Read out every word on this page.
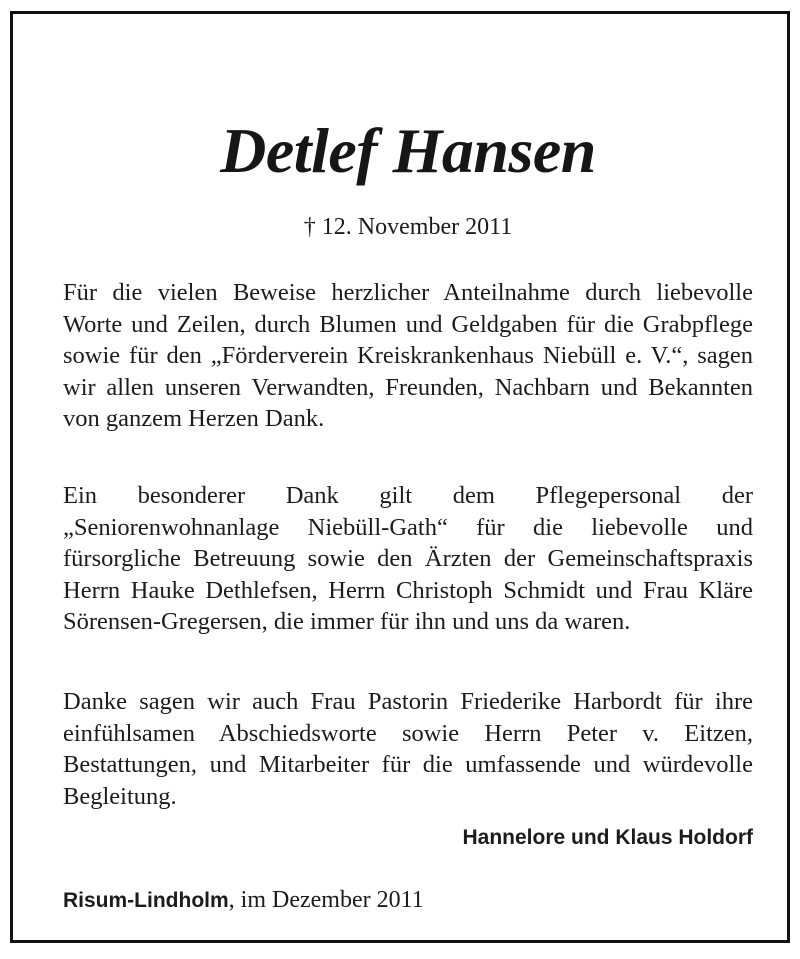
Detlef Hansen
† 12. November 2011

Für die vielen Beweise herzlicher Anteilnahme durch liebevolle Worte und Zeilen, durch Blumen und Geldgaben für die Grabpflege sowie für den „Förderverein Kreiskrankenhaus Niebüll e. V.“, sagen wir allen unseren Verwandten, Freunden, Nachbarn und Bekannten von ganzem Herzen Dank.

Ein besonderer Dank gilt dem Pflegepersonal der „Seniorenwohnanlage Niebüll-Gath“ für die liebevolle und fürsorgliche Betreuung sowie den Ärzten der Gemeinschaftspraxis Herrn Hauke Dethlefsen, Herrn Christoph Schmidt und Frau Kläre Sörensen-Gregersen, die immer für ihn und uns da waren.

Danke sagen wir auch Frau Pastorin Friederike Harbordt für ihre einfühlsamen Abschiedsworte sowie Herrn Peter v. Eitzen, Bestattungen, und Mitarbeiter für die umfassende und würdevolle Begleitung.

Hannelore und Klaus Holdorf
Risum-Lindholm, im Dezember 2011
